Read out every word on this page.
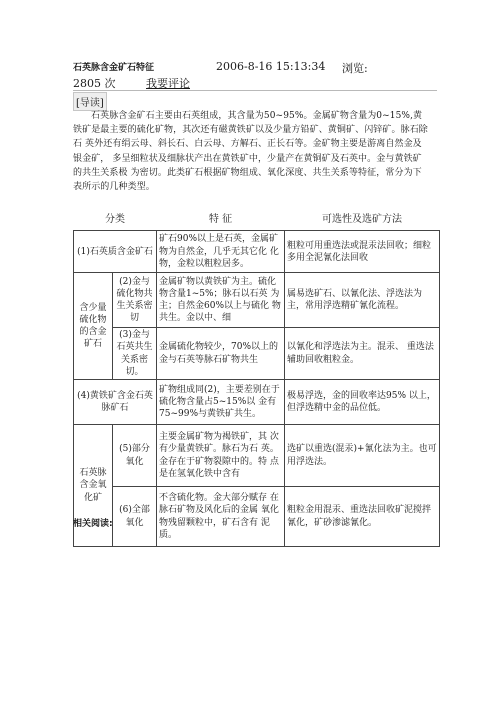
石英脉含金矿石特征	2006-8-16 15:13:34 浏览:
2805 次	我要评论
[导读]
石英脉含金矿石主要由石英组成，其含量为50~95%。金属矿物含量为0~15%,黄铁矿是最主要的硫化矿物，其次还有磁黄铁矿以及少量方铅矿、黄铜矿、闪锌矿。脉石除石 英外还有绢云母、斜长石、白云母、方解石、正长石等。金矿物主要是游离自然金及银金矿， 多呈细粒状及细脉状产出在黄铁矿中，少量产在黄铜矿及石英中。金与黄铁矿的共生关系极 为密切。此类矿石根据矿物组成、氧化深度、共生关系等特征，常分为下表所示的几种类型。
分类		特 征	可选性及选矿方法
(1)石英质含金矿石		矿石90%以上是石英，金属矿物为自然金，几乎无其它化 化物，金粒以粗粒居多。	粗粒可用重选法或混汞法回收；细粒多用全泥氰化法回收
含少量硫化物的含金矿石	(2)金与硫化物共生关系密切	金属矿物以黄铁矿为主。硫化物含量1~5%；脉石以石英 为主；自然金60%以上与硫化 物共生。金以中、细	属易选矿石、以氰化法、浮选法为主，常用浮选精矿氰化流程。
	(3)金与石英共生关系密切。	金属硫化物较少，70%以上的金与石英等脉石矿物共生	以氰化和浮选法为主。混汞、 重选法辅助回收粗粒金。
(4)黄铁矿含金石英脉矿石		矿物组成同(2)，主要差别在于硫化物含量占5~15%以 金有75~99%与黄铁矿共生。	极易浮选，金的回收率达95% 以上，但浮选精中金的品位低。
石英脉含金氧化矿	(5)部分氧化	主要金属矿物为褐铁矿，其 次有少量黄铁矿。脉石为石 英。金存在于矿物裂隙中的。特 点是在氢氧化铁中含有	选矿以重选(混汞)+氰化法为主。也可用浮选法。
	(6)全部氧化	不含硫化物。金大部分赋存 在脉石矿物及风化后的金属 氧化物残留颗粒中，矿石含有 泥质。	粗粒金用混汞、重选法回收矿泥搅拌氰化，矿砂渗滤氰化。
相关阅读:
